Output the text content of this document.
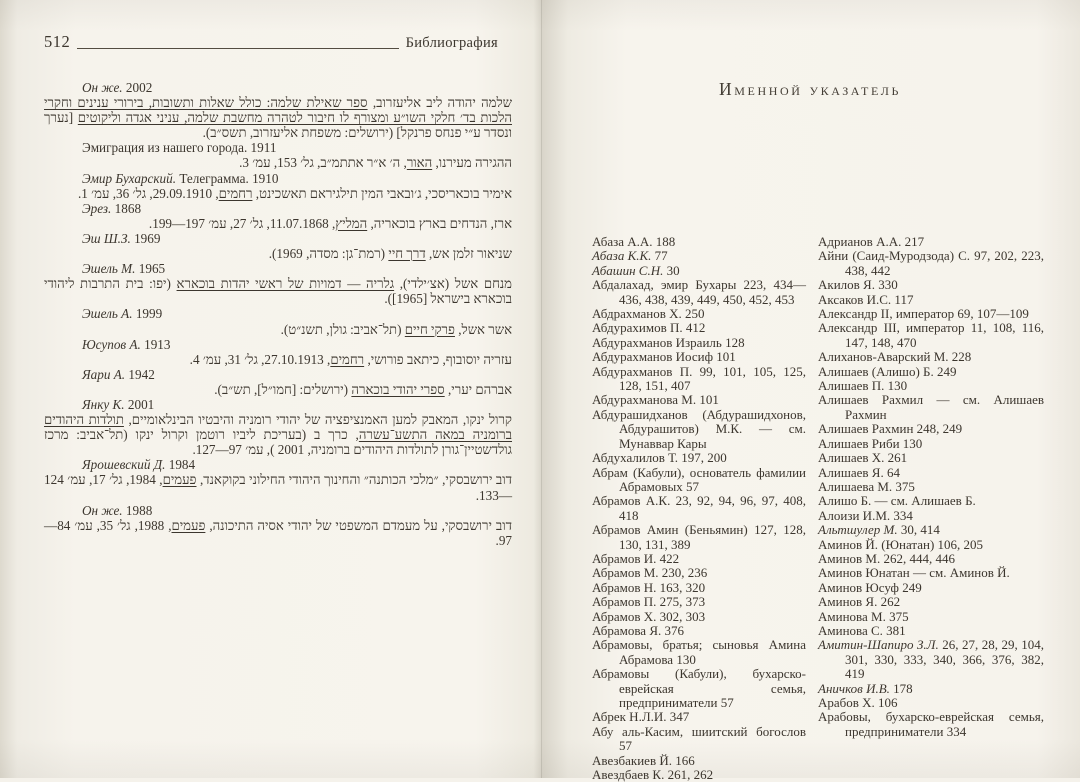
512	Библиография
Он же. 2002
שלמה יהודה ליב אליעזרוב, ספר שאילת שלמה: כולל שאלות ותשובות, בירורי ענינים וחקרי הלכות בד׳ חלקי השו״ע ומצורף לו חיבור לטהרה מחשבת שלמה, עניני אגדה וליקוטים [נערך ונסדר ע״י פנחס פרנקל] (ירושלים: משפחת אליעזרוב, תשס״ב).
Эмиграция из нашего города. 1911
ההגירה מעירנו, האור, ה׳ א״ר אתתמ״ב, גל׳ 153, עמ׳ 3.
Эмир Бухарский. Телеграмма. 1910
אימיר בוכאריסכי, ג׳ובאבי המין תילגיראם תאשכינט, רחמים, 29.09.1910, גל׳ 36, עמ׳ 1.
Эрез. 1868
ארז, הנדחים בארץ בוכאריה, המליץ, 11.07.1868, גל׳ 27, עמ׳ 197—199.
Эш Ш.З. 1969
שניאור זלמן אש, דרך חיי (רמת־גן: מסדה, 1969).
Эшель М. 1965
מנחם אשל (אצ׳ילדי), גלריה — דמויות של ראשי יהדות בוכארא (יפו: בית התרבות ליהודי בוכארא בישראל [1965]).
Эшель А. 1999
אשר אשל, פרקי חיים (תל־אביב: גולן, תשנ״ט).
Юсупов А. 1913
עזריה יוסובוף, כיתאב פורושי, רחמים, 27.10.1913, גל׳ 31, עמ׳ 4.
Яари А. 1942
אברהם יערי, ספרי יהודי בוכארה (ירושלים: [חמו״ל], תש״ב).
Янку К. 2001
קרול ינקו, המאבק למען האמנציפציה של יהודי רומניה והיבטיו הבינלאומיים, תולדות היהודים ברומניה במאה התשע־עשרה, כרך ב (בעריכת ליביו רוטמן וקרול ינקו (תל־אביב: מרכז גולדשטיין־גורן לתולדות היהודים ברומניה, 2001 ), עמ׳ 97—127.
Ярошевский Д. 1984
דוב ירושבסקי, ״מלכי הכותנה״ והחינוך היהודי החילוני בקוקאנד, פעמים, 1984, גל׳ 17, עמ׳ 124—133.
Он же. 1988
דוב ירושבסקי, על מעמדם המשפטי של יהודי אסיה התיכונה, פעמים, 1988, גל׳ 35, עמ׳ 84—97.
Именной указатель

Абаза А.А. 188

Абаза К.К. 77

Абашин С.Н. 30

Абдалахад, эмир Бухары 223, 434—436, 438, 439, 449, 450, 452, 453

Абдрахманов Х. 250

Абдурахимов П. 412

Абдурахманов Израиль 128

Абдурахманов Иосиф 101

Абдурахманов П. 99, 101, 105, 125, 128, 151, 407

Абдурахманова М. 101

Абдурашидханов (Абдурашидхонов, Абдурашитов) М.К. — см. Мунаввар Кары

Абдухалилов Т. 197, 200

Абрам (Кабули), основатель фамилии Абрамовых 57

Абрамов А.К. 23, 92, 94, 96, 97, 408, 418

Абрамов Амин (Беньямин) 127, 128, 130, 131, 389

Абрамов И. 422

Абрамов М. 230, 236

Абрамов Н. 163, 320

Абрамов П. 275, 373

Абрамов Х. 302, 303

Абрамова Я. 376

Абрамовы, братья; сыновья Амина Абрамова 130

Абрамовы (Кабули), бухарско-еврейская семья, предприниматели 57

Абрек Н.Л.И. 347

Абу аль-Касим, шиитский богослов 57

Авезбакиев Й. 166

Авездбаев К. 261, 262

Адрианов А.А. 217

Айни (Саид-Муродзода) С. 97, 202, 223, 438, 442

Акилов Я. 330

Аксаков И.С. 117

Александр II, император 69, 107—109

Александр III, император 11, 108, 116, 147, 148, 470

Алиханов-Аварский М. 228

Алишаев (Алишо) Б. 249

Алишаев П. 130

Алишаев Рахмил — см. Алишаев Рахмин

Алишаев Рахмин 248, 249

Алишаев Риби 130

Алишаев Х. 261

Алишаев Я. 64

Алишаева М. 375

Алишо Б. — см. Алишаев Б.

Алоизи И.М. 334

Альтшулер М. 30, 414

Аминов Й. (Юнатан) 106, 205

Аминов М. 262, 444, 446

Аминов Юнатан — см. Аминов Й.

Аминов Юсуф 249

Аминов Я. 262

Аминова М. 375

Аминова С. 381

Амитин-Шапиро З.Л. 26, 27, 28, 29, 104, 301, 330, 333, 340, 366, 376, 382, 419

Аничков И.В. 178

Арабов Х. 106

Арабовы, бухарско-еврейская семья, предприниматели 334
